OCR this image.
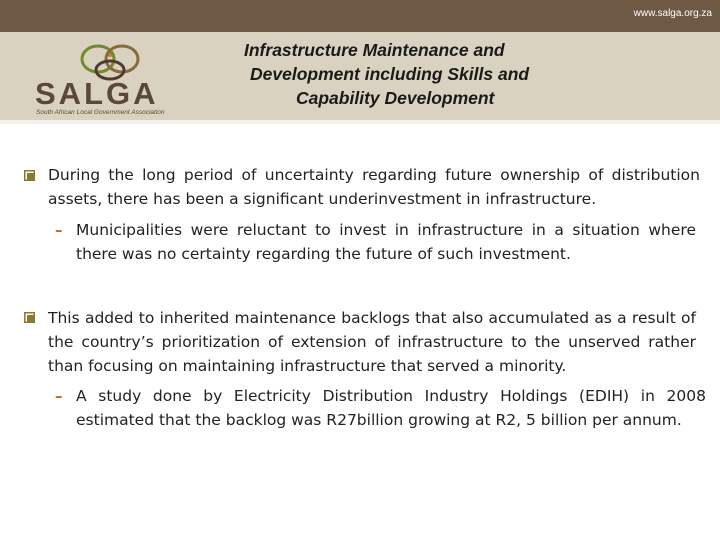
www.salga.org.za
SALGA
South African Local Government Association
Infrastructure Maintenance and
Development including Skills and
Capability Development
During the long period of uncertainty regarding future ownership of distribution assets, there has been a significant underinvestment in infrastructure.
– Municipalities were reluctant to invest in infrastructure in a situation where there was no certainty regarding the future of such investment.
This added to inherited maintenance backlogs that also accumulated as a result of the country’s prioritization of extension of infrastructure to the unserved rather than focusing on maintaining infrastructure that served a minority.
– A study done by Electricity Distribution Industry Holdings (EDIH) in 2008 estimated that the backlog was R27billion growing at R2, 5 billion per annum.
